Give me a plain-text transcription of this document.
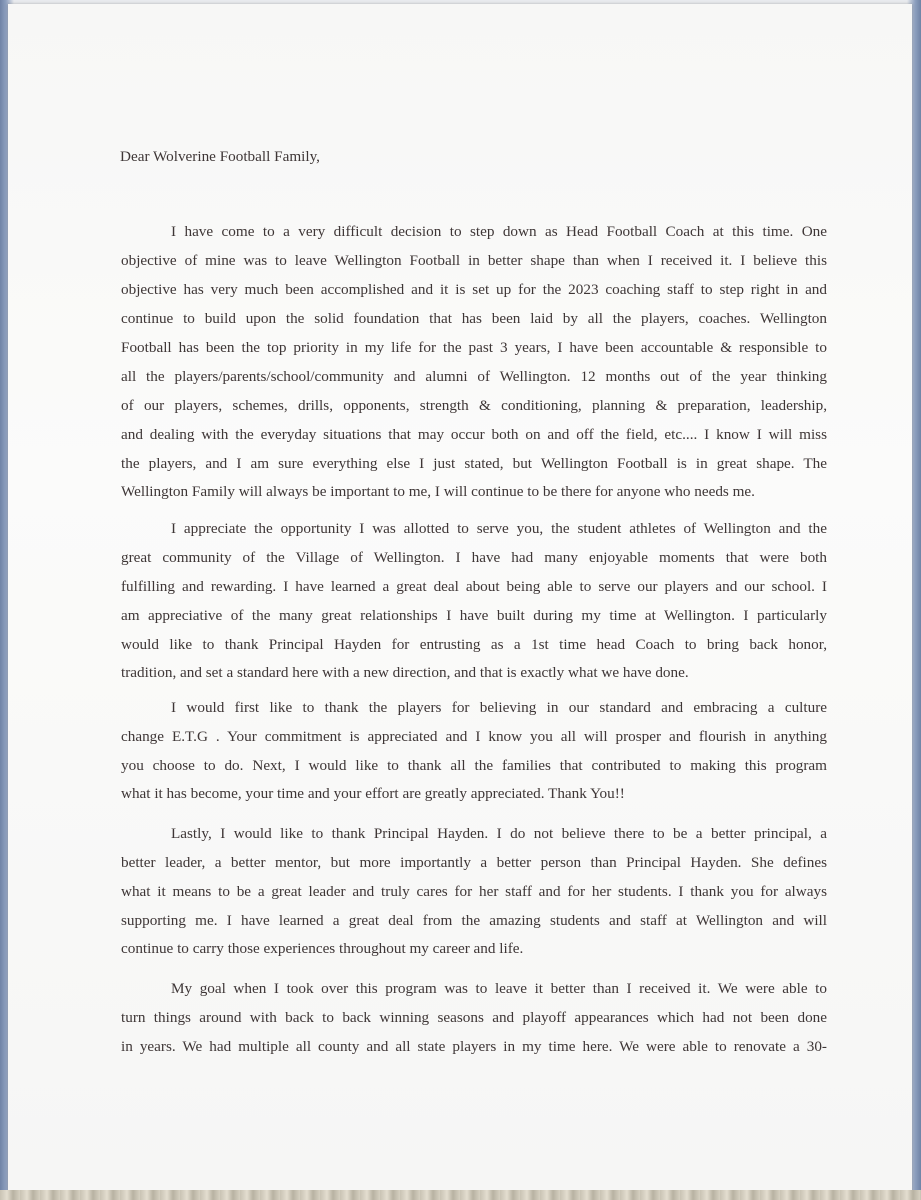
Dear Wolverine Football Family,

I have come to a very difficult decision to step down as Head Football Coach at this time. One

objective of mine was to leave Wellington Football in better shape than when I received it. I believe this

objective has very much been accomplished and it is set up for the 2023 coaching staff to step right in and

continue to build upon the solid foundation that has been laid by all the players, coaches. Wellington

Football has been the top priority in my life for the past 3 years, I have been accountable & responsible to

all the players/parents/school/community and alumni of Wellington. 12 months out of the year thinking

of our players, schemes, drills, opponents, strength & conditioning, planning & preparation, leadership,

and dealing with the everyday situations that may occur both on and off the field, etc.... I know I will miss

the players, and I am sure everything else I just stated, but Wellington Football is in great shape. The

Wellington Family will always be important to me, I will continue to be there for anyone who needs me.

I appreciate the opportunity I was allotted to serve you, the student athletes of Wellington and the

great community of the Village of Wellington. I have had many enjoyable moments that were both

fulfilling and rewarding. I have learned a great deal about being able to serve our players and our school. I

am appreciative of the many great relationships I have built during my time at Wellington. I particularly

would like to thank Principal Hayden for entrusting as a 1st time head Coach to bring back honor,

tradition, and set a standard here with a new direction, and that is exactly what we have done.

I would first like to thank the players for believing in our standard and embracing a culture

change E.T.G . Your commitment is appreciated and I know you all will prosper and flourish in anything

you choose to do. Next, I would like to thank all the families that contributed to making this program

what it has become, your time and your effort are greatly appreciated. Thank You!!

Lastly, I would like to thank Principal Hayden. I do not believe there to be a better principal, a

better leader, a better mentor, but more importantly a better person than Principal Hayden. She defines

what it means to be a great leader and truly cares for her staff and for her students. I thank you for always

supporting me. I have learned a great deal from the amazing students and staff at Wellington and will

continue to carry those experiences throughout my career and life.

My goal when I took over this program was to leave it better than I received it. We were able to

turn things around with back to back winning seasons and playoff appearances which had not been done

in years. We had multiple all county and all state players in my time here. We were able to renovate a 30-
